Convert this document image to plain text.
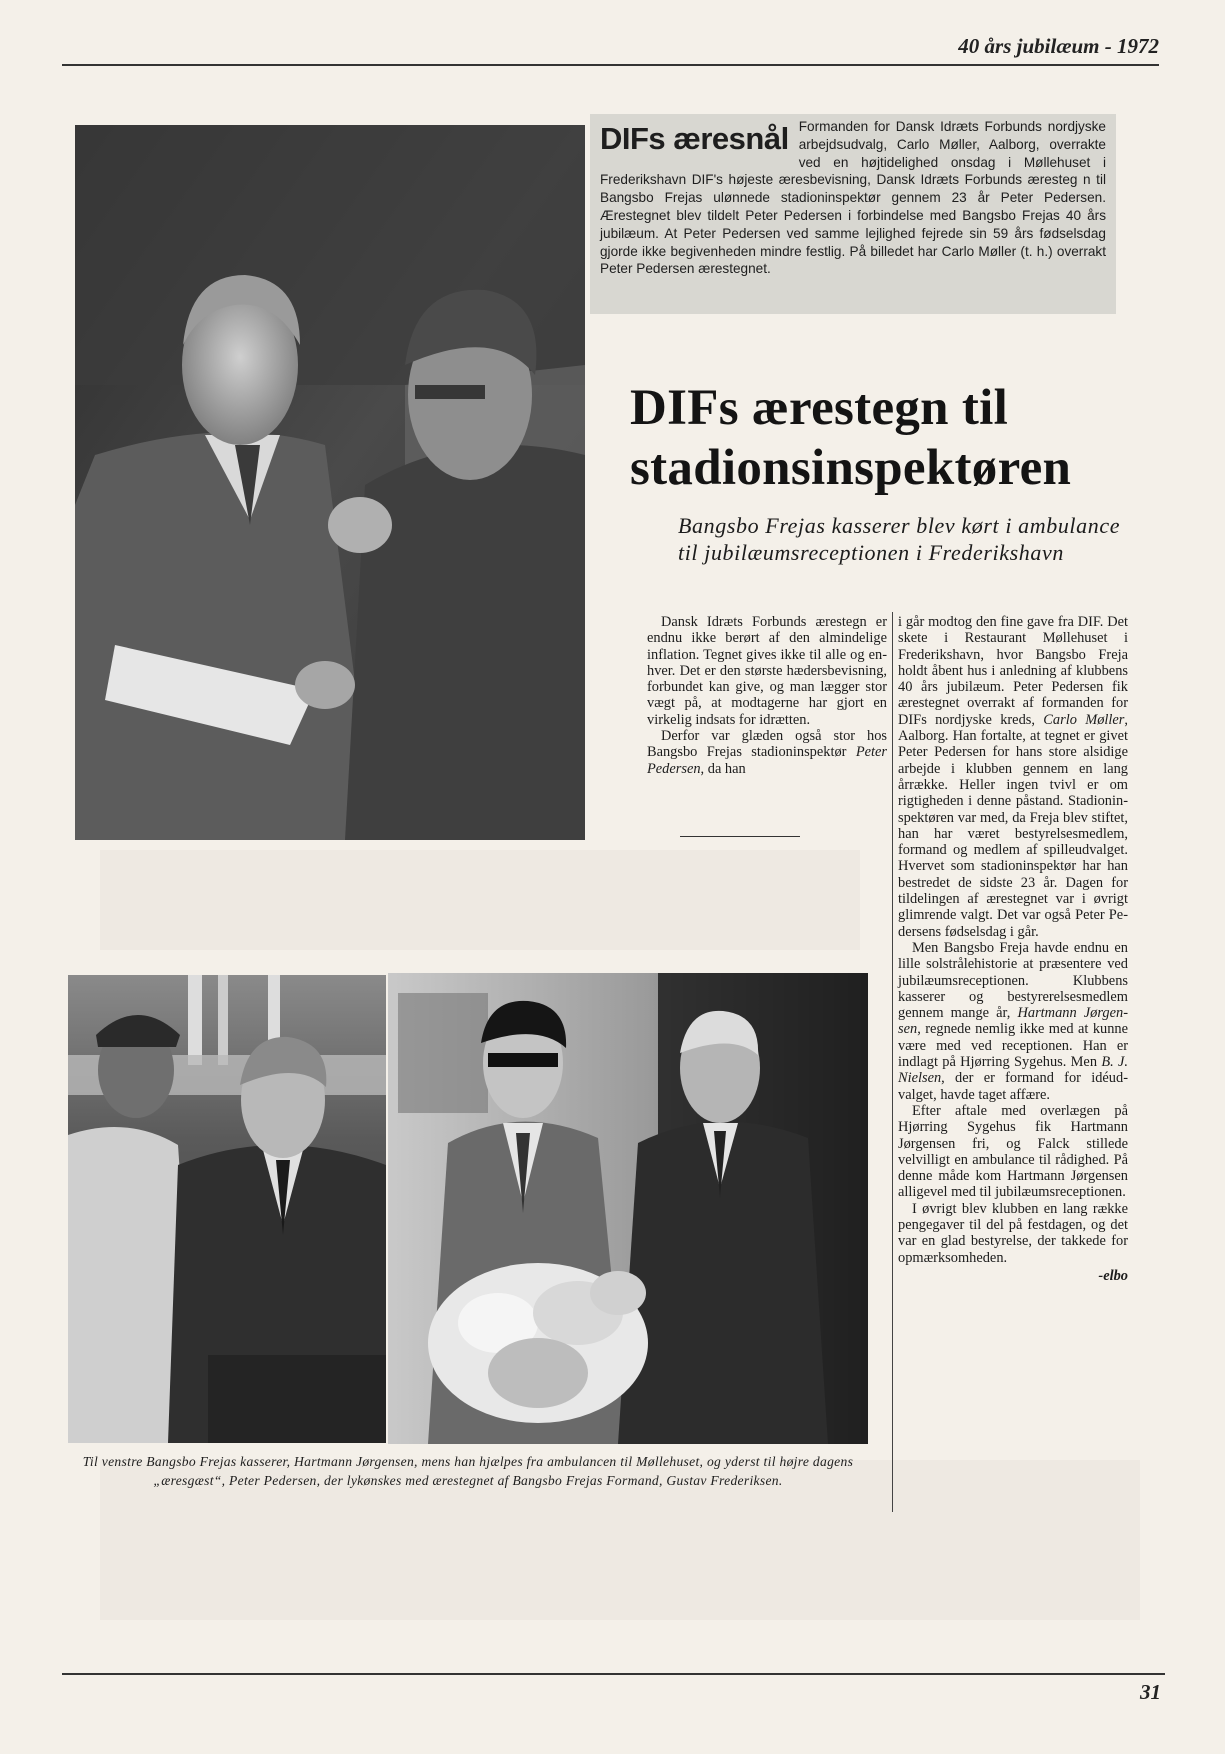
40 års jubilæum - 1972
DIFs æresnål Formanden for Dansk Idræts Forbunds nordjyske arbejdsudvalg, Carlo Møller, Aalborg, overrakte ved en højtidelighed onsdag i Møllehuset i Frederikshavn DIF's højeste æresbevisning, Dansk Idræts Forbunds æresteg n til Bangsbo Frejas ulønnede stadioninspektør gennem 23 år Peter Pedersen. Ærestegnet blev tildelt Peter Pedersen i forbindelse med Bangsbo Frejas 40 års jubilæum. At Peter Pedersen ved samme lejlighed fejrede sin 59 års fødselsdag gjorde ikke begivenheden mindre festlig. På billedet har Carlo Møller (t. h.) overrakt Peter Pedersen ærestegnet.
DIFs ærestegn til
stadionsinspektøren
Bangsbo Frejas kasserer blev kørt i ambulance til jubilæumsreceptionen i Frederikshavn

Dansk Idræts Forbunds ærestegn er endnu ikke berørt af den almindelige inflation. Tegnet gives ikke til alle og enhver. Det er den største hædersbevisning, forbundet kan give, og man lægger stor vægt på, at modtagerne har gjort en virkelig indsats for idrætten.

Derfor var glæden også stor hos Bangsbo Frejas stadioninspektør Peter Pedersen, da han

i går modtog den fine gave fra DIF. Det skete i Restaurant Møllehuset i Frederikshavn, hvor Bangsbo Freja holdt åbent hus i anledning af klubbens 40 års jubilæum. Peter Pedersen fik ærestegnet overrakt af formanden for DIFs nordjyske kreds, Carlo Møller, Aalborg. Han fortalte, at tegnet er givet Peter Pedersen for hans store alsidige arbejde i klubben gennem en lang årrække. Heller ingen tvivl er om rigtigheden i denne påstand. Stadioninspektøren var med, da Freja blev stiftet, han har været bestyrelsesmedlem, formand og medlem af spilleudvalget. Hvervet som stadioninspektør har han bestredet de sidste 23 år. Dagen for tildelingen af ærestegnet var i øvrigt glimrende valgt. Det var også Peter Pedersens fødselsdag i går.

Men Bangsbo Freja havde endnu en lille solstrålehistorie at præsentere ved jubilæumsreceptionen. Klubbens kasserer og bestyrerelsesmedlem gennem mange år, Hartmann Jørgensen, regnede nemlig ikke med at kunne være med ved receptionen. Han er indlagt på Hjørring Sygehus. Men B. J. Nielsen, der er formand for idéudvalget, havde taget affære.

Efter aftale med overlægen på Hjørring Sygehus fik Hartmann Jørgensen fri, og Falck stillede velvilligt en ambulance til rådighed. På denne måde kom Hartmann Jørgensen alligevel med til jubilæumsreceptionen.

I øvrigt blev klubben en lang række pengegaver til del på festdagen, og det var en glad bestyrelse, der takkede for opmærksomheden.

-elbo
Til venstre Bangsbo Frejas kasserer, Hartmann Jørgensen, mens han hjælpes fra ambulancen til Møllehuset, og yderst til højre dagens „æresgæst“, Peter Pedersen, der lykønskes med ærestegnet af Bangsbo Frejas Formand, Gustav Frederiksen.
31
